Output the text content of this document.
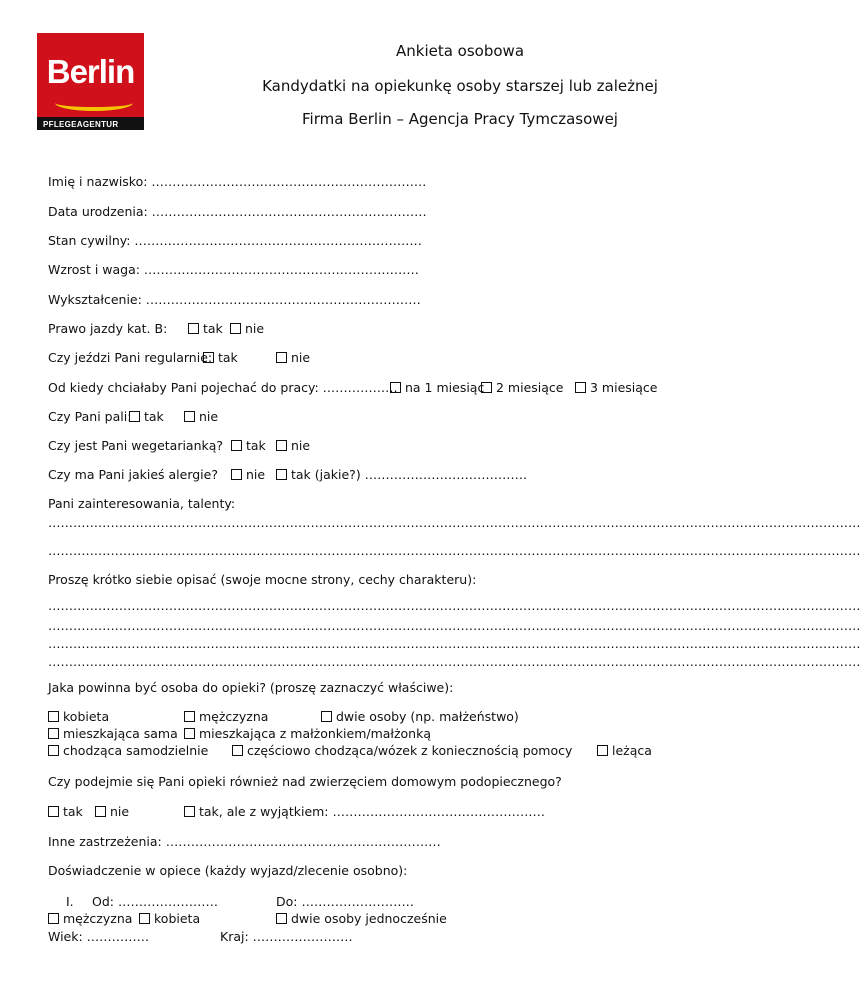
Berlin
PFLEGEAGENTUR
Ankieta osobowa
Kandydatki na opiekunkę osoby starszej lub zależnej
Firma Berlin – Agencja Pracy Tymczasowej
Imię i nazwisko: …………………………………………………………
Data urodzenia: …………………………………………………………
Stan cywilny: ……………………………………………………………
Wzrost i waga: …………………………………………………………
Wykształcenie: …………………………………………………………
Prawo jazdy kat. B:	tak	nie
Czy jeździ Pani regularnie: tak	nie
Od kiedy chciałaby Pani pojechać do pracy: ……………… na 1 miesiąc 2 miesiące	3 miesiące
Czy Pani pali:	tak	nie
Czy jest Pani wegetarianką?	tak	nie
Czy ma Pani jakieś alergie?	nie	tak (jakie?) …………………………………
Pani zainteresowania, talenty:
……………………………………………………………………………………………………………………………………………………………………………
……………………………………………………………………………………………………………………………………………………………………………
Proszę krótko siebie opisać (swoje mocne strony, cechy charakteru):
……………………………………………………………………………………………………………………………………………………………………………
……………………………………………………………………………………………………………………………………………………………………………
……………………………………………………………………………………………………………………………………………………………………………
……………………………………………………………………………………………………………………………………………………………………………
Jaka powinna być osoba do opieki? (proszę zaznaczyć właściwe):
kobieta	mężczyzna	dwie osoby (np. małżeństwo)
mieszkająca sama	mieszkająca z małżonkiem/małżonką
chodząca samodzielnie	częściowo chodząca/wózek z koniecznością pomocy	leżąca
Czy podejmie się Pani opieki również nad zwierzęciem domowym podopiecznego?
tak	nie	tak, ale z wyjątkiem: ……………………………………………
Inne zastrzeżenia: …………………………………………………………
Doświadczenie w opiece (każdy wyjazd/zlecenie osobno):
I. Od: ……………………	Do: ………………………
mężczyzna	kobieta	dwie osoby jednocześnie
Wiek: ……………	Kraj: ……………………
